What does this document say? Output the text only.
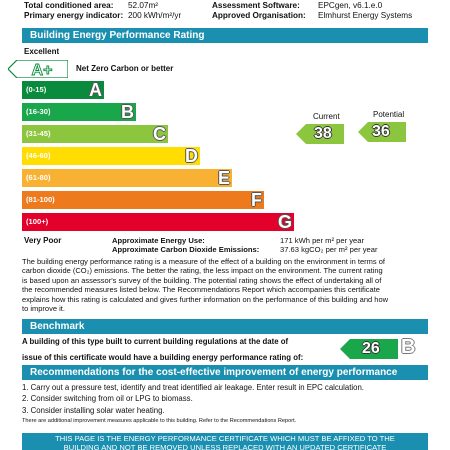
Total conditioned area: 52.07m²	Assessment Software: EPCgen, v6.1.e.0
Primary energy indicator: 200 kWh/m²/yr	Approved Organisation: Elmhurst Energy Systems
Building Energy Performance Rating
Excellent
A+	Net Zero Carbon or better
(0-15) A
(16-30)	B
(31-45)	C
(46-60)	D
(61-80)	E
(81-100)	F
(100+)	G
Current	Potential
38	36
Very Poor	Approximate Energy Use:	171 kWh per m² per year
Approximate Carbon Dioxide Emissions:	37.63 kgCO₂ per m² per year
The building energy performance rating is a measure of the effect of a building on the environment in terms of
carbon dioxide (CO₂) emissions. The better the rating, the less impact on the environment. The current rating
is based upon an assessor's survey of the building. The potential rating shows the effect of undertaking all of
the recommended measures listed below. The Recommendations Report which accompanies this certificate
explains how this rating is calculated and gives further information on the performance of this building and how
to improve it.
Benchmark
A building of this type built to current building regulations at the date of
issue of this certificate would have a building energy performance rating of:
26 B
Recommendations for the cost-effective improvement of energy performance
1. Carry out a pressure test, identify and treat identified air leakage. Enter result in EPC calculation.
2. Consider switching from oil or LPG to biomass.
3. Consider installing solar water heating.
There are additional improvement measures applicable to this building. Refer to the Recommendations Report.
THIS PAGE IS THE ENERGY PERFORMANCE CERTIFICATE WHICH MUST BE AFFIXED TO THE
BUILDING AND NOT BE REMOVED UNLESS REPLACED WITH AN UPDATED CERTIFICATE
